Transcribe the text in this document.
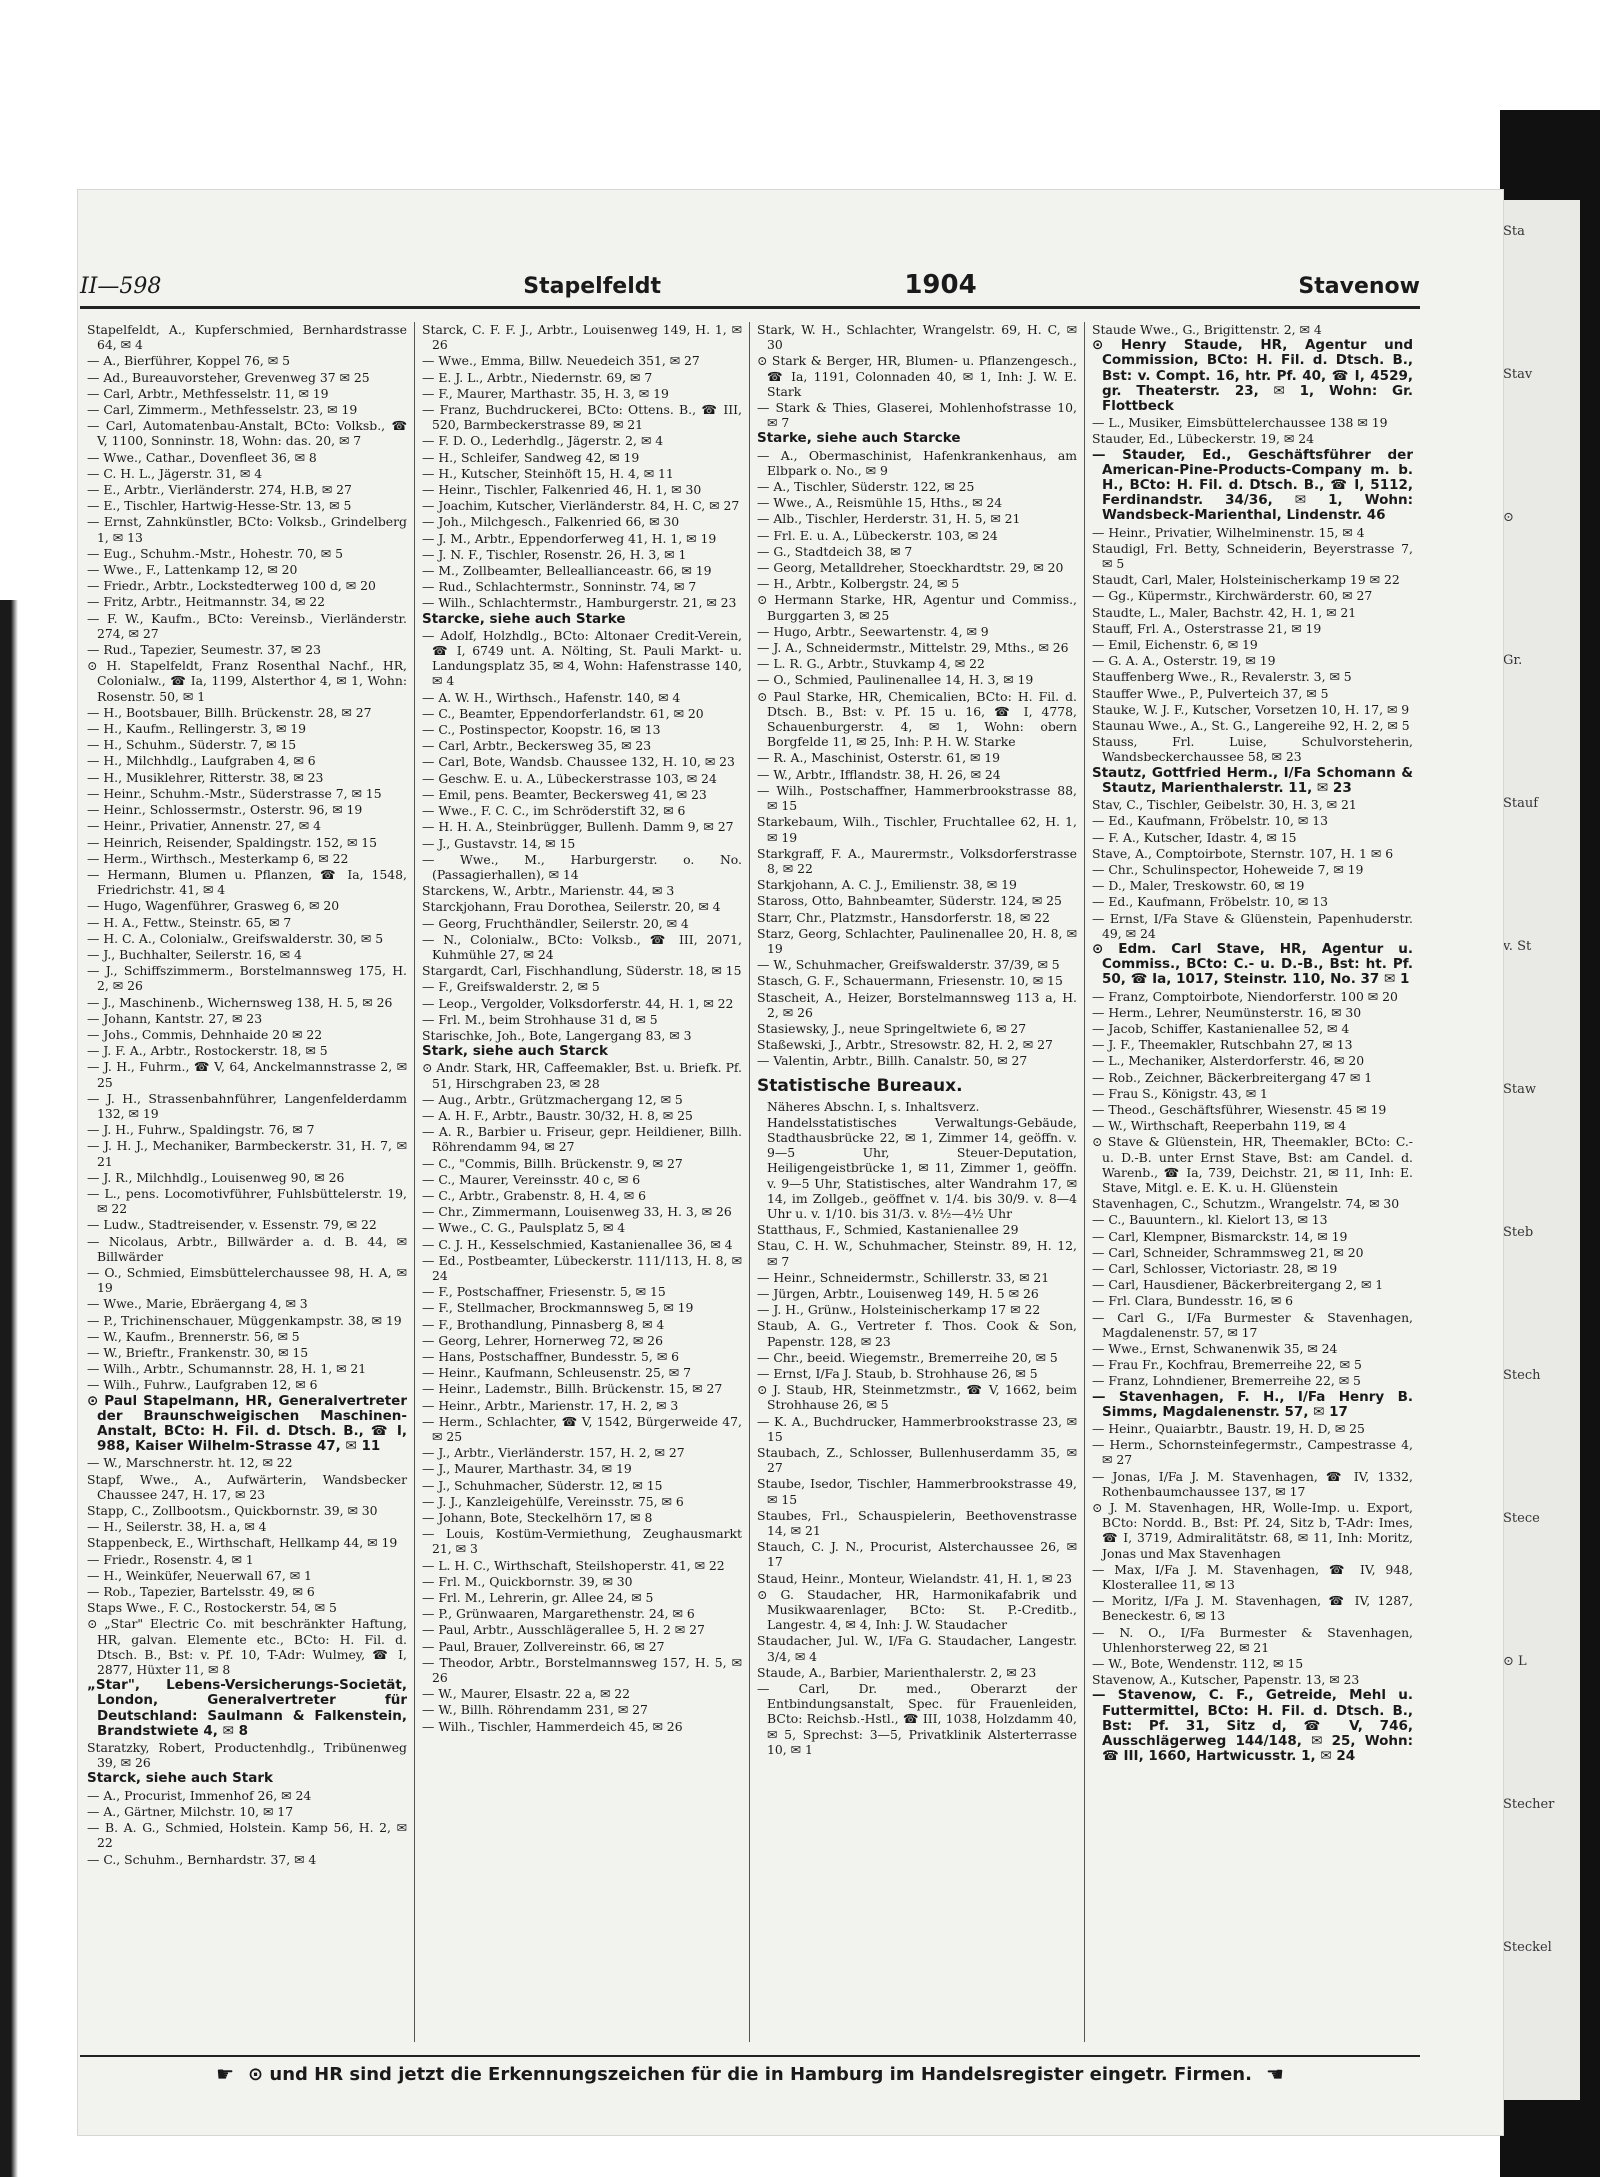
Sta
Stav
⊙
Gr.
Stauf
v. St
Staw
Steb
Stech
Stece
⊙ L
Stecher
Steckel
II—598	Stapelfeldt	1904	Stavenow
Stapelfeldt, A., Kupferschmied, Bernhardstrasse 64, ✉ 4
— A., Bierführer, Koppel 76, ✉ 5
— Ad., Bureauvorsteher, Grevenweg 37 ✉ 25
— Carl, Arbtr., Methfesselstr. 11, ✉ 19
— Carl, Zimmerm., Methfesselstr. 23, ✉ 19
— Carl, Automatenbau-Anstalt, BCto: Volksb., ☎ V, 1100, Sonninstr. 18, Wohn: das. 20, ✉ 7
— Wwe., Cathar., Dovenfleet 36, ✉ 8
— C. H. L., Jägerstr. 31, ✉ 4
— E., Arbtr., Vierländerstr. 274, H.B, ✉ 27
— E., Tischler, Hartwig-Hesse-Str. 13, ✉ 5
— Ernst, Zahnkünstler, BCto: Volksb., Grindelberg 1, ✉ 13
— Eug., Schuhm.-Mstr., Hohestr. 70, ✉ 5
— Wwe., F., Lattenkamp 12, ✉ 20
— Friedr., Arbtr., Lockstedterweg 100 d, ✉ 20
— Fritz, Arbtr., Heitmannstr. 34, ✉ 22
— F. W., Kaufm., BCto: Vereinsb., Vierländerstr. 274, ✉ 27
— Rud., Tapezier, Seumestr. 37, ✉ 23
⊙ H. Stapelfeldt, Franz Rosenthal Nachf., HR, Colonialw., ☎ Ia, 1199, Alsterthor 4, ✉ 1, Wohn: Rosenstr. 50, ✉ 1
— H., Bootsbauer, Billh. Brückenstr. 28, ✉ 27
— H., Kaufm., Rellingerstr. 3, ✉ 19
— H., Schuhm., Süderstr. 7, ✉ 15
— H., Milchhdlg., Laufgraben 4, ✉ 6
— H., Musiklehrer, Ritterstr. 38, ✉ 23
— Heinr., Schuhm.-Mstr., Süderstrasse 7, ✉ 15
— Heinr., Schlossermstr., Osterstr. 96, ✉ 19
— Heinr., Privatier, Annenstr. 27, ✉ 4
— Heinrich, Reisender, Spaldingstr. 152, ✉ 15
— Herm., Wirthsch., Mesterkamp 6, ✉ 22
— Hermann, Blumen u. Pflanzen, ☎ Ia, 1548, Friedrichstr. 41, ✉ 4
— Hugo, Wagenführer, Grasweg 6, ✉ 20
— H. A., Fettw., Steinstr. 65, ✉ 7
— H. C. A., Colonialw., Greifswalderstr. 30, ✉ 5
— J., Buchhalter, Seilerstr. 16, ✉ 4
— J., Schiffszimmerm., Borstelmannsweg 175, H. 2, ✉ 26
— J., Maschinenb., Wichernsweg 138, H. 5, ✉ 26
— Johann, Kantstr. 27, ✉ 23
— Johs., Commis, Dehnhaide 20 ✉ 22
— J. F. A., Arbtr., Rostockerstr. 18, ✉ 5
— J. H., Fuhrm., ☎ V, 64, Anckelmannstrasse 2, ✉ 25
— J. H., Strassenbahnführer, Langenfelderdamm 132, ✉ 19
— J. H., Fuhrw., Spaldingstr. 76, ✉ 7
— J. H. J., Mechaniker, Barmbeckerstr. 31, H. 7, ✉ 21
— J. R., Milchhdlg., Louisenweg 90, ✉ 26
— L., pens. Locomotivführer, Fuhlsbüttelerstr. 19, ✉ 22
— Ludw., Stadtreisender, v. Essenstr. 79, ✉ 22
— Nicolaus, Arbtr., Billwärder a. d. B. 44, ✉ Billwärder
— O., Schmied, Eimsbüttelerchaussee 98, H. A, ✉ 19
— Wwe., Marie, Ebräergang 4, ✉ 3
— P., Trichinenschauer, Müggenkampstr. 38, ✉ 19
— W., Kaufm., Brennerstr. 56, ✉ 5
— W., Brieftr., Frankenstr. 30, ✉ 15
— Wilh., Arbtr., Schumannstr. 28, H. 1, ✉ 21
— Wilh., Fuhrw., Laufgraben 12, ✉ 6
⊙ Paul Stapelmann, HR, Generalvertreter der Braunschweigischen Maschinen-Anstalt, BCto: H. Fil. d. Dtsch. B., ☎ I, 988, Kaiser Wilhelm-Strasse 47, ✉ 11
— W., Marschnerstr. ht. 12, ✉ 22
Stapf, Wwe., A., Aufwärterin, Wandsbecker Chaussee 247, H. 17, ✉ 23
Stapp, C., Zollbootsm., Quickbornstr. 39, ✉ 30
— H., Seilerstr. 38, H. a, ✉ 4
Stappenbeck, E., Wirthschaft, Hellkamp 44, ✉ 19
— Friedr., Rosenstr. 4, ✉ 1
— H., Weinküfer, Neuerwall 67, ✉ 1
— Rob., Tapezier, Bartelsstr. 49, ✉ 6
Staps Wwe., F. C., Rostockerstr. 54, ✉ 5
⊙ „Star" Electric Co. mit beschränkter Haftung, HR, galvan. Elemente etc., BCto: H. Fil. d. Dtsch. B., Bst: v. Pf. 10, T-Adr: Wulmey, ☎ I, 2877, Hüxter 11, ✉ 8
„Star", Lebens-Versicherungs-Societät, London, Generalvertreter für Deutschland: Saulmann & Falkenstein, Brandstwiete 4, ✉ 8
Staratzky, Robert, Productenhdlg., Tribünenweg 39, ✉ 26
Starck, siehe auch Stark
— A., Procurist, Immenhof 26, ✉ 24
— A., Gärtner, Milchstr. 10, ✉ 17
— B. A. G., Schmied, Holstein. Kamp 56, H. 2, ✉ 22
— C., Schuhm., Bernhardstr. 37, ✉ 4
Starck, C. F. F. J., Arbtr., Louisenweg 149, H. 1, ✉ 26
— Wwe., Emma, Billw. Neuedeich 351, ✉ 27
— E. J. L., Arbtr., Niedernstr. 69, ✉ 7
— F., Maurer, Marthastr. 35, H. 3, ✉ 19
— Franz, Buchdruckerei, BCto: Ottens. B., ☎ III, 520, Barmbeckerstrasse 89, ✉ 21
— F. D. O., Lederhdlg., Jägerstr. 2, ✉ 4
— H., Schleifer, Sandweg 42, ✉ 19
— H., Kutscher, Steinhöft 15, H. 4, ✉ 11
— Heinr., Tischler, Falkenried 46, H. 1, ✉ 30
— Joachim, Kutscher, Vierländerstr. 84, H. C, ✉ 27
— Joh., Milchgesch., Falkenried 66, ✉ 30
— J. M., Arbtr., Eppendorferweg 41, H. 1, ✉ 19
— J. N. F., Tischler, Rosenstr. 26, H. 3, ✉ 1
— M., Zollbeamter, Belleallianceastr. 66, ✉ 19
— Rud., Schlachtermstr., Sonninstr. 74, ✉ 7
— Wilh., Schlachtermstr., Hamburgerstr. 21, ✉ 23
Starcke, siehe auch Starke
— Adolf, Holzhdlg., BCto: Altonaer Credit-Verein, ☎ I, 6749 unt. A. Nölting, St. Pauli Markt- u. Landungsplatz 35, ✉ 4, Wohn: Hafenstrasse 140, ✉ 4
— A. W. H., Wirthsch., Hafenstr. 140, ✉ 4
— C., Beamter, Eppendorferlandstr. 61, ✉ 20
— C., Postinspector, Koopstr. 16, ✉ 13
— Carl, Arbtr., Beckersweg 35, ✉ 23
— Carl, Bote, Wandsb. Chaussee 132, H. 10, ✉ 23
— Geschw. E. u. A., Lübeckerstrasse 103, ✉ 24
— Emil, pens. Beamter, Beckersweg 41, ✉ 23
— Wwe., F. C. C., im Schröderstift 32, ✉ 6
— H. H. A., Steinbrügger, Bullenh. Damm 9, ✉ 27
— J., Gustavstr. 14, ✉ 15
— Wwe., M., Harburgerstr. o. No. (Passagierhallen), ✉ 14
Starckens, W., Arbtr., Marienstr. 44, ✉ 3
Starckjohann, Frau Dorothea, Seilerstr. 20, ✉ 4
— Georg, Fruchthändler, Seilerstr. 20, ✉ 4
— N., Colonialw., BCto: Volksb., ☎ III, 2071, Kuhmühle 27, ✉ 24
Stargardt, Carl, Fischhandlung, Süderstr. 18, ✉ 15
— F., Greifswalderstr. 2, ✉ 5
— Leop., Vergolder, Volksdorferstr. 44, H. 1, ✉ 22
— Frl. M., beim Strohhause 31 d, ✉ 5
Starischke, Joh., Bote, Langergang 83, ✉ 3
Stark, siehe auch Starck
⊙ Andr. Stark, HR, Caffeemakler, Bst. u. Briefk. Pf. 51, Hirschgraben 23, ✉ 28
— Aug., Arbtr., Grützmachergang 12, ✉ 5
— A. H. F., Arbtr., Baustr. 30/32, H. 8, ✉ 25
— A. R., Barbier u. Friseur, gepr. Heildiener, Billh. Röhrendamm 94, ✉ 27
— C., "Commis, Billh. Brückenstr. 9, ✉ 27
— C., Maurer, Vereinsstr. 40 c, ✉ 6
— C., Arbtr., Grabenstr. 8, H. 4, ✉ 6
— Chr., Zimmermann, Louisenweg 33, H. 3, ✉ 26
— Wwe., C. G., Paulsplatz 5, ✉ 4
— C. J. H., Kesselschmied, Kastanienallee 36, ✉ 4
— Ed., Postbeamter, Lübeckerstr. 111/113, H. 8, ✉ 24
— F., Postschaffner, Friesenstr. 5, ✉ 15
— F., Stellmacher, Brockmannsweg 5, ✉ 19
— F., Brothandlung, Pinnasberg 8, ✉ 4
— Georg, Lehrer, Hornerweg 72, ✉ 26
— Hans, Postschaffner, Bundesstr. 5, ✉ 6
— Heinr., Kaufmann, Schleusenstr. 25, ✉ 7
— Heinr., Lademstr., Billh. Brückenstr. 15, ✉ 27
— Heinr., Arbtr., Marienstr. 17, H. 2, ✉ 3
— Herm., Schlachter, ☎ V, 1542, Bürgerweide 47, ✉ 25
— J., Arbtr., Vierländerstr. 157, H. 2, ✉ 27
— J., Maurer, Marthastr. 34, ✉ 19
— J., Schuhmacher, Süderstr. 12, ✉ 15
— J. J., Kanzleigehülfe, Vereinsstr. 75, ✉ 6
— Johann, Bote, Steckelhörn 17, ✉ 8
— Louis, Kostüm-Vermiethung, Zeughausmarkt 21, ✉ 3
— L. H. C., Wirthschaft, Steilshoperstr. 41, ✉ 22
— Frl. M., Quickbornstr. 39, ✉ 30
— Frl. M., Lehrerin, gr. Allee 24, ✉ 5
— P., Grünwaaren, Margarethenstr. 24, ✉ 6
— Paul, Arbtr., Ausschlägerallee 5, H. 2 ✉ 27
— Paul, Brauer, Zollvereinstr. 66, ✉ 27
— Theodor, Arbtr., Borstelmannsweg 157, H. 5, ✉ 26
— W., Maurer, Elsastr. 22 a, ✉ 22
— W., Billh. Röhrendamm 231, ✉ 27
— Wilh., Tischler, Hammerdeich 45, ✉ 26
Stark, W. H., Schlachter, Wrangelstr. 69, H. C, ✉ 30
⊙ Stark & Berger, HR, Blumen- u. Pflanzengesch., ☎ Ia, 1191, Colonnaden 40, ✉ 1, Inh: J. W. E. Stark
— Stark & Thies, Glaserei, Mohlenhofstrasse 10, ✉ 7
Starke, siehe auch Starcke
— A., Obermaschinist, Hafenkrankenhaus, am Elbpark o. No., ✉ 9
— A., Tischler, Süderstr. 122, ✉ 25
— Wwe., A., Reismühle 15, Hths., ✉ 24
— Alb., Tischler, Herderstr. 31, H. 5, ✉ 21
— Frl. E. u. A., Lübeckerstr. 103, ✉ 24
— G., Stadtdeich 38, ✉ 7
— Georg, Metalldreher, Stoeckhardtstr. 29, ✉ 20
— H., Arbtr., Kolbergstr. 24, ✉ 5
⊙ Hermann Starke, HR, Agentur und Commiss., Burggarten 3, ✉ 25
— Hugo, Arbtr., Seewartenstr. 4, ✉ 9
— J. A., Schneidermstr., Mittelstr. 29, Mths., ✉ 26
— L. R. G., Arbtr., Stuvkamp 4, ✉ 22
— O., Schmied, Paulinenallee 14, H. 3, ✉ 19
⊙ Paul Starke, HR, Chemicalien, BCto: H. Fil. d. Dtsch. B., Bst: v. Pf. 15 u. 16, ☎ I, 4778, Schauenburgerstr. 4, ✉ 1, Wohn: obern Borgfelde 11, ✉ 25, Inh: P. H. W. Starke
— R. A., Maschinist, Osterstr. 61, ✉ 19
— W., Arbtr., Ifflandstr. 38, H. 26, ✉ 24
— Wilh., Postschaffner, Hammerbrookstrasse 88, ✉ 15
Starkebaum, Wilh., Tischler, Fruchtallee 62, H. 1, ✉ 19
Starkgraff, F. A., Maurermstr., Volksdorferstrasse 8, ✉ 22
Starkjohann, A. C. J., Emilienstr. 38, ✉ 19
Staross, Otto, Bahnbeamter, Süderstr. 124, ✉ 25
Starr, Chr., Platzmstr., Hansdorferstr. 18, ✉ 22
Starz, Georg, Schlachter, Paulinenallee 20, H. 8, ✉ 19
— W., Schuhmacher, Greifswalderstr. 37/39, ✉ 5
Stasch, G. F., Schauermann, Friesenstr. 10, ✉ 15
Stascheit, A., Heizer, Borstelmannsweg 113 a, H. 2, ✉ 26
Stasiewsky, J., neue Springeltwiete 6, ✉ 27
Staßewski, J., Arbtr., Stresowstr. 82, H. 2, ✉ 27
— Valentin, Arbtr., Billh. Canalstr. 50, ✉ 27
Statistische Bureaux.
Näheres Abschn. I, s. Inhaltsverz.
Handelsstatistisches Verwaltungs-Gebäude, Stadthausbrücke 22, ✉ 1, Zimmer 14, geöffn. v. 9—5 Uhr, Steuer-Deputation, Heiligengeistbrücke 1, ✉ 11, Zimmer 1, geöffn. v. 9—5 Uhr, Statistisches, alter Wandrahm 17, ✉ 14, im Zollgeb., geöffnet v. 1/4. bis 30/9. v. 8—4 Uhr u. v. 1/10. bis 31/3. v. 8½—4½ Uhr
Statthaus, F., Schmied, Kastanienallee 29
Stau, C. H. W., Schuhmacher, Steinstr. 89, H. 12, ✉ 7
— Heinr., Schneidermstr., Schillerstr. 33, ✉ 21
— Jürgen, Arbtr., Louisenweg 149, H. 5 ✉ 26
— J. H., Grünw., Holsteinischerkamp 17 ✉ 22
Staub, A. G., Vertreter f. Thos. Cook & Son, Papenstr. 128, ✉ 23
— Chr., beeid. Wiegemstr., Bremerreihe 20, ✉ 5
— Ernst, I/Fa J. Staub, b. Strohhause 26, ✉ 5
⊙ J. Staub, HR, Steinmetzmstr., ☎ V, 1662, beim Strohhause 26, ✉ 5
— K. A., Buchdrucker, Hammerbrookstrasse 23, ✉ 15
Staubach, Z., Schlosser, Bullenhuserdamm 35, ✉ 27
Staube, Isedor, Tischler, Hammerbrookstrasse 49, ✉ 15
Staubes, Frl., Schauspielerin, Beethovenstrasse 14, ✉ 21
Stauch, C. J. N., Procurist, Alsterchaussee 26, ✉ 17
Staud, Heinr., Monteur, Wielandstr. 41, H. 1, ✉ 23
⊙ G. Staudacher, HR, Harmonikafabrik und Musikwaarenlager, BCto: St. P.-Creditb., Langestr. 4, ✉ 4, Inh: J. W. Staudacher
Staudacher, Jul. W., I/Fa G. Staudacher, Langestr. 3/4, ✉ 4
Staude, A., Barbier, Marienthalerstr. 2, ✉ 23
— Carl, Dr. med., Oberarzt der Entbindungsanstalt, Spec. für Frauenleiden, BCto: Reichsb.-Hstl., ☎ III, 1038, Holzdamm 40, ✉ 5, Sprechst: 3—5, Privatklinik Alsterterrasse 10, ✉ 1
Staude Wwe., G., Brigittenstr. 2, ✉ 4
⊙ Henry Staude, HR, Agentur und Commission, BCto: H. Fil. d. Dtsch. B., Bst: v. Compt. 16, htr. Pf. 40, ☎ I, 4529, gr. Theaterstr. 23, ✉ 1, Wohn: Gr. Flottbeck
— L., Musiker, Eimsbüttelerchaussee 138 ✉ 19
Stauder, Ed., Lübeckerstr. 19, ✉ 24
— Stauder, Ed., Geschäftsführer der American-Pine-Products-Company m. b. H., BCto: H. Fil. d. Dtsch. B., ☎ I, 5112, Ferdinandstr. 34/36, ✉ 1, Wohn: Wandsbeck-Marienthal, Lindenstr. 46
— Heinr., Privatier, Wilhelminenstr. 15, ✉ 4
Staudigl, Frl. Betty, Schneiderin, Beyerstrasse 7, ✉ 5
Staudt, Carl, Maler, Holsteinischerkamp 19 ✉ 22
— Gg., Küpermstr., Kirchwärderstr. 60, ✉ 27
Staudte, L., Maler, Bachstr. 42, H. 1, ✉ 21
Stauff, Frl. A., Osterstrasse 21, ✉ 19
— Emil, Eichenstr. 6, ✉ 19
— G. A. A., Osterstr. 19, ✉ 19
Stauffenberg Wwe., R., Revalerstr. 3, ✉ 5
Stauffer Wwe., P., Pulverteich 37, ✉ 5
Stauke, W. J. F., Kutscher, Vorsetzen 10, H. 17, ✉ 9
Staunau Wwe., A., St. G., Langereihe 92, H. 2, ✉ 5
Stauss, Frl. Luise, Schulvorsteherin, Wandsbeckerchaussee 58, ✉ 23
Stautz, Gottfried Herm., I/Fa Schomann & Stautz, Marienthalerstr. 11, ✉ 23
Stav, C., Tischler, Geibelstr. 30, H. 3, ✉ 21
— Ed., Kaufmann, Fröbelstr. 10, ✉ 13
— F. A., Kutscher, Idastr. 4, ✉ 15
Stave, A., Comptoirbote, Sternstr. 107, H. 1 ✉ 6
— Chr., Schulinspector, Hoheweide 7, ✉ 19
— D., Maler, Treskowstr. 60, ✉ 19
— Ed., Kaufmann, Fröbelstr. 10, ✉ 13
— Ernst, I/Fa Stave & Glüenstein, Papenhuderstr. 49, ✉ 24
⊙ Edm. Carl Stave, HR, Agentur u. Commiss., BCto: C.- u. D.-B., Bst: ht. Pf. 50, ☎ Ia, 1017, Steinstr. 110, No. 37 ✉ 1
— Franz, Comptoirbote, Niendorferstr. 100 ✉ 20
— Herm., Lehrer, Neumünsterstr. 16, ✉ 30
— Jacob, Schiffer, Kastanienallee 52, ✉ 4
— J. F., Theemakler, Rutschbahn 27, ✉ 13
— L., Mechaniker, Alsterdorferstr. 46, ✉ 20
— Rob., Zeichner, Bäckerbreitergang 47 ✉ 1
— Frau S., Königstr. 43, ✉ 1
— Theod., Geschäftsführer, Wiesenstr. 45 ✉ 19
— W., Wirthschaft, Reeperbahn 119, ✉ 4
⊙ Stave & Glüenstein, HR, Theemakler, BCto: C.- u. D.-B. unter Ernst Stave, Bst: am Candel. d. Warenb., ☎ Ia, 739, Deichstr. 21, ✉ 11, Inh: E. Stave, Mitgl. e. E. K. u. H. Glüenstein
Stavenhagen, C., Schutzm., Wrangelstr. 74, ✉ 30
— C., Bauuntern., kl. Kielort 13, ✉ 13
— Carl, Klempner, Bismarckstr. 14, ✉ 19
— Carl, Schneider, Schrammsweg 21, ✉ 20
— Carl, Schlosser, Victoriastr. 28, ✉ 19
— Carl, Hausdiener, Bäckerbreitergang 2, ✉ 1
— Frl. Clara, Bundesstr. 16, ✉ 6
— Carl G., I/Fa Burmester & Stavenhagen, Magdalenenstr. 57, ✉ 17
— Wwe., Ernst, Schwanenwik 35, ✉ 24
— Frau Fr., Kochfrau, Bremerreihe 22, ✉ 5
— Franz, Lohndiener, Bremerreihe 22, ✉ 5
— Stavenhagen, F. H., I/Fa Henry B. Simms, Magdalenenstr. 57, ✉ 17
— Heinr., Quaiarbtr., Baustr. 19, H. D, ✉ 25
— Herm., Schornsteinfegermstr., Campestrasse 4, ✉ 27
— Jonas, I/Fa J. M. Stavenhagen, ☎ IV, 1332, Rothenbaumchaussee 137, ✉ 17
⊙ J. M. Stavenhagen, HR, Wolle-Imp. u. Export, BCto: Nordd. B., Bst: Pf. 24, Sitz b, T-Adr: Imes, ☎ I, 3719, Admiralitätstr. 68, ✉ 11, Inh: Moritz, Jonas und Max Stavenhagen
— Max, I/Fa J. M. Stavenhagen, ☎ IV, 948, Klosterallee 11, ✉ 13
— Moritz, I/Fa J. M. Stavenhagen, ☎ IV, 1287, Beneckestr. 6, ✉ 13
— N. O., I/Fa Burmester & Stavenhagen, Uhlenhorsterweg 22, ✉ 21
— W., Bote, Wendenstr. 112, ✉ 15
Stavenow, A., Kutscher, Papenstr. 13, ✉ 23
— Stavenow, C. F., Getreide, Mehl u. Futtermittel, BCto: H. Fil. d. Dtsch. B., Bst: Pf. 31, Sitz d, ☎ V, 746, Ausschlägerweg 144/148, ✉ 25, Wohn: ☎ III, 1660, Hartwicusstr. 1, ✉ 24
☛ ⊙ und HR sind jetzt die Erkennungszeichen für die in Hamburg im Handelsregister eingetr. Firmen. ☚
